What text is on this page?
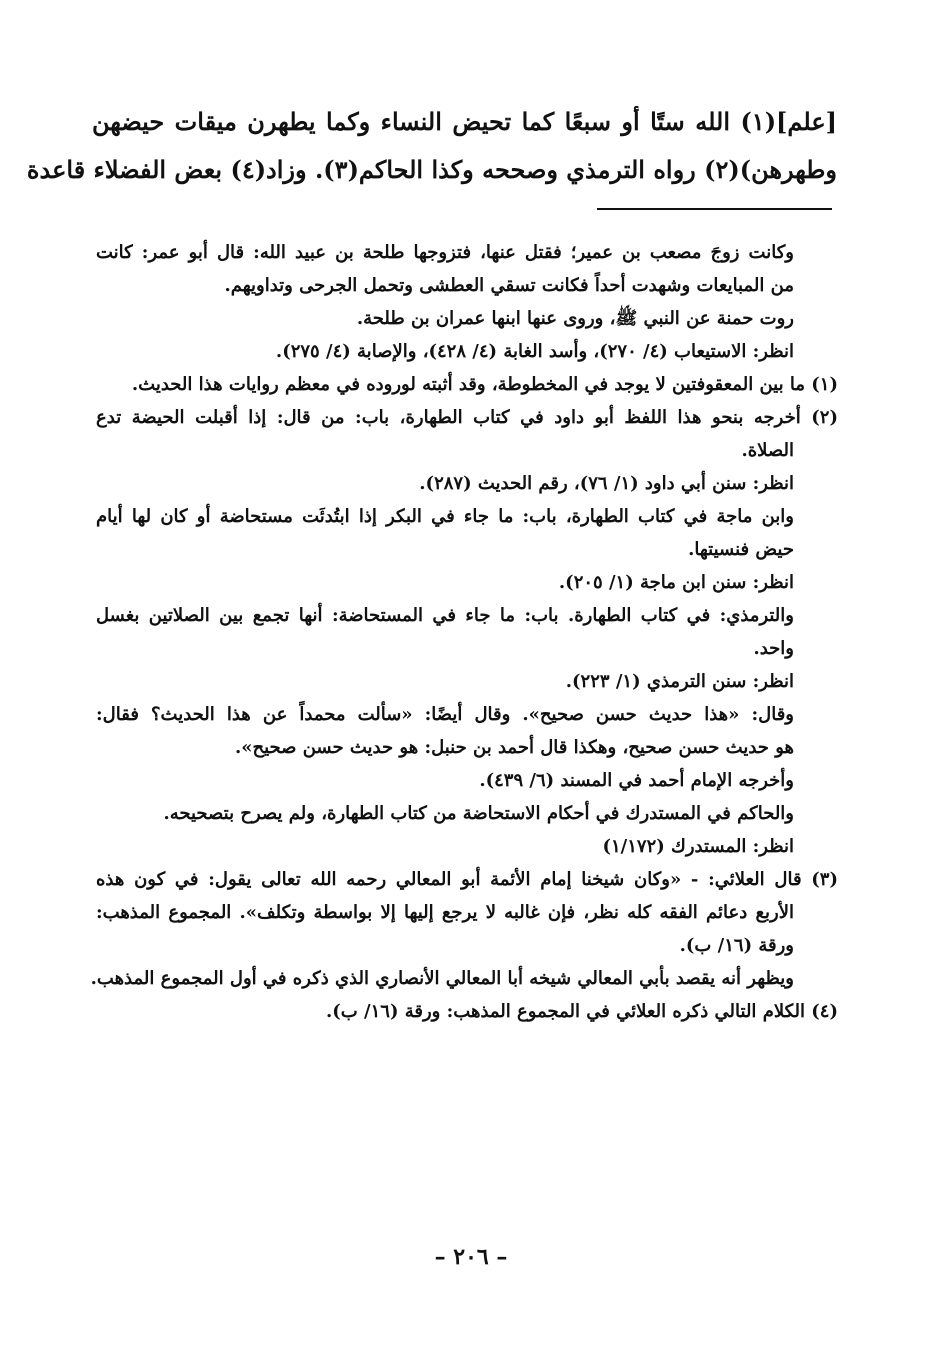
[علم](١) الله ستًا أو سبعًا كما تحيض النساء وكما يطهرن ميقات حيضهن
وطهرهن)(٢) رواه الترمذي وصححه وكذا الحاكم(٣). وزاد(٤) بعض الفضلاء قاعدة
وكانت زوجَ مصعب بن عمير؛ فقتل عنها، فتزوجها طلحة بن عبيد الله: قال أبو عمر: كانت
من المبايعات وشهدت أحداً فكانت تسقي العطشى وتحمل الجرحى وتداويهم.
روت حمنة عن النبي ﷺ، وروى عنها ابنها عمران بن طلحة.
انظر: الاستيعاب (٤/ ٢٧٠)، وأسد الغابة (٤/ ٤٢٨)، والإصابة (٤/ ٢٧٥).
(١) ما بين المعقوفتين لا يوجد في المخطوطة، وقد أثبته لوروده في معظم روايات هذا الحديث.
(٢) أخرجه بنحو هذا اللفظ أبو داود في كتاب الطهارة، باب: من قال: إذا أقبلت الحيضة تدع
الصلاة.
انظر: سنن أبي داود (١/ ٧٦)، رقم الحديث (٢٨٧).
وابن ماجة في كتاب الطهارة، باب: ما جاء في البكر إذا ابتُدئَت مستحاضة أو كان لها أيام
حيض فنسيتها.
انظر: سنن ابن ماجة (١/ ٢٠٥).
والترمذي: في كتاب الطهارة. باب: ما جاء في المستحاضة: أنها تجمع بين الصلاتين بغسل
واحد.
انظر: سنن الترمذي (١/ ٢٢٣).
وقال: «هذا حديث حسن صحيح». وقال أيضًا: «سألت محمداً عن هذا الحديث؟ فقال:
هو حديث حسن صحيح، وهكذا قال أحمد بن حنبل: هو حديث حسن صحيح».
وأخرجه الإمام أحمد في المسند (٦/ ٤٣٩).
والحاكم في المستدرك في أحكام الاستحاضة من كتاب الطهارة، ولم يصرح بتصحيحه.
انظر: المستدرك (١/١٧٢)
(٣) قال العلائي: - «وكان شيخنا إمام الأئمة أبو المعالي رحمه الله تعالى يقول: في كون هذه
الأربع دعائم الفقه كله نظر، فإن غالبه لا يرجع إليها إلا بواسطة وتكلف». المجموع المذهب:
ورقة (١٦/ ب).
ويظهر أنه يقصد بأبي المعالي شيخه أبا المعالي الأنصاري الذي ذكره في أول المجموع المذهب.
(٤) الكلام التالي ذكره العلائي في المجموع المذهب: ورقة (١٦/ ب).
– ٢٠٦ –
